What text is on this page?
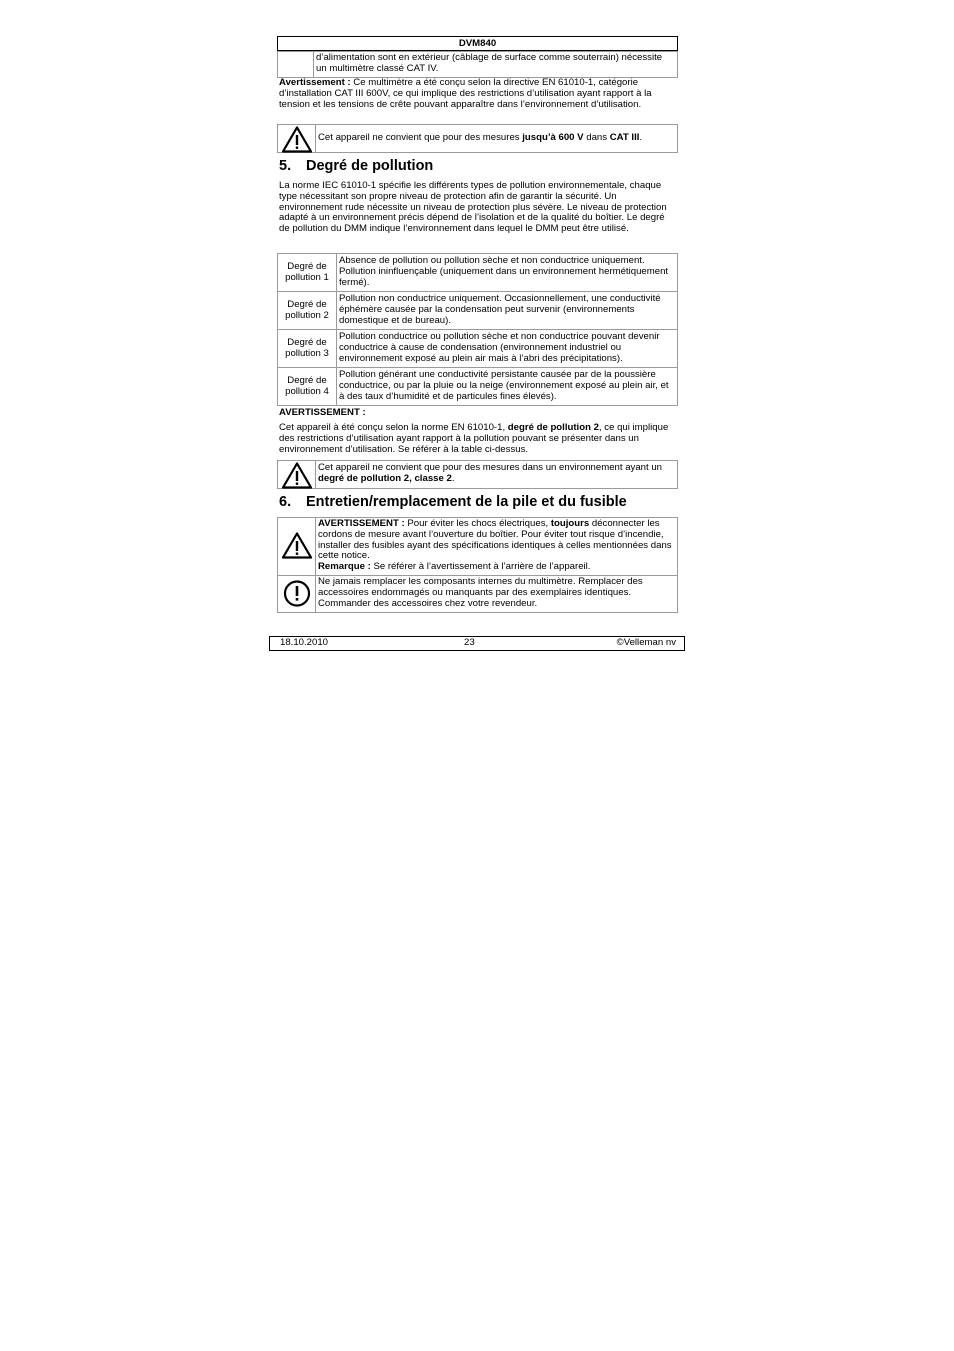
DVM840
d’alimentation sont en extérieur (câblage de surface comme souterrain) nécessite un multimètre classé CAT IV.
Avertissement : Ce multimètre a été conçu selon la directive EN 61010-1, catégorie d’installation CAT III 600V, ce qui implique des restrictions d’utilisation ayant rapport à la tension et les tensions de crête pouvant apparaître dans l’environnement d’utilisation.
Cet appareil ne convient que pour des mesures jusqu’à 600 V dans CAT III.
5. Degré de pollution
La norme IEC 61010-1 spécifie les différents types de pollution environnementale, chaque type nécessitant son propre niveau de protection afin de garantir la sécurité. Un environnement rude nécessite un niveau de protection plus sévère. Le niveau de protection adapté à un environnement précis dépend de l’isolation et de la qualité du boîtier. Le degré de pollution du DMM indique l’environnement dans lequel le DMM peut être utilisé.
Degré de pollution 1	Absence de pollution ou pollution sèche et non conductrice uniquement. Pollution ininfluençable (uniquement dans un environnement hermétiquement fermé).
Degré de pollution 2	Pollution non conductrice uniquement. Occasionnellement, une conductivité éphémère causée par la condensation peut survenir (environnements domestique et de bureau).
Degré de pollution 3	Pollution conductrice ou pollution sèche et non conductrice pouvant devenir conductrice à cause de condensation (environnement industriel ou environnement exposé au plein air mais à l’abri des précipitations).
Degré de pollution 4	Pollution générant une conductivité persistante causée par de la poussière conductrice, ou par la pluie ou la neige (environnement exposé au plein air, et à des taux d’humidité et de particules fines élevés).
AVERTISSEMENT :
Cet appareil à été conçu selon la norme EN 61010-1, degré de pollution 2, ce qui implique des restrictions d’utilisation ayant rapport à la pollution pouvant se présenter dans un environnement d’utilisation. Se référer à la table ci-dessus.
Cet appareil ne convient que pour des mesures dans un environnement ayant un degré de pollution 2, classe 2.
6. Entretien/remplacement de la pile et du fusible
AVERTISSEMENT : Pour éviter les chocs électriques, toujours déconnecter les cordons de mesure avant l’ouverture du boîtier. Pour éviter tout risque d’incendie, installer des fusibles ayant des spécifications identiques à celles mentionnées dans cette notice.
Remarque : Se référer à l’avertissement à l’arrière de l’appareil.
Ne jamais remplacer les composants internes du multimètre. Remplacer des accessoires endommagés ou manquants par des exemplaires identiques. Commander des accessoires chez votre revendeur.
18.10.2010	23	©Velleman nv
